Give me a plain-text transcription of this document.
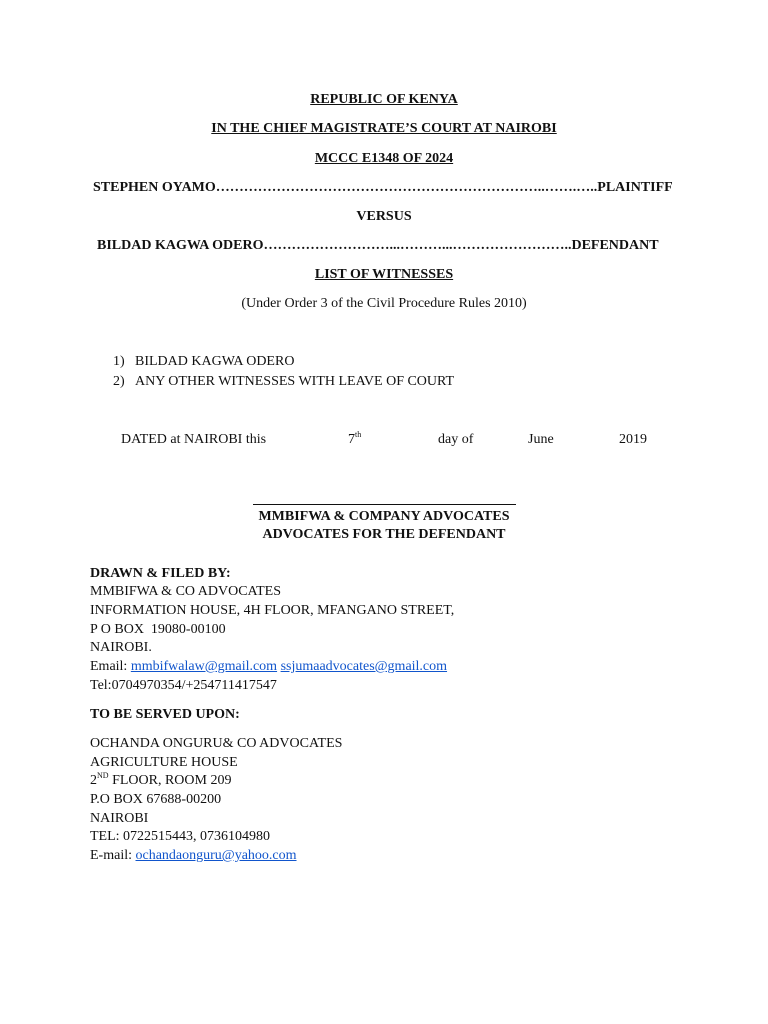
REPUBLIC OF KENYA
IN THE CHIEF MAGISTRATE’S COURT AT NAIROBI
MCCC E1348 OF 2024
STEPHEN OYAMO……………………………………………………………..…….…..PLAINTIFF
VERSUS
BILDAD KAGWA ODERO………………………...………...……………………..DEFENDANT
LIST OF WITNESSES
(Under Order 3 of the Civil Procedure Rules 2010)
1) BILDAD KAGWA ODERO
2) ANY OTHER WITNESSES WITH LEAVE OF COURT
DATED at NAIROBI this	7th	day of	June	2019
MMBIFWA & COMPANY ADVOCATES
ADVOCATES FOR THE DEFENDANT
DRAWN & FILED BY:
MMBIFWA & CO ADVOCATES
INFORMATION HOUSE, 4H FLOOR, MFANGANO STREET,
P O BOX  19080-00100
NAIROBI.
Email: mmbifwalaw@gmail.com ssjumaadvocates@gmail.com
Tel:0704970354/+254711417547
TO BE SERVED UPON:
OCHANDA ONGURU& CO ADVOCATES
AGRICULTURE HOUSE
2ND FLOOR, ROOM 209
P.O BOX 67688-00200
NAIROBI
TEL: 0722515443, 0736104980
E-mail: ochandaonguru@yahoo.com
